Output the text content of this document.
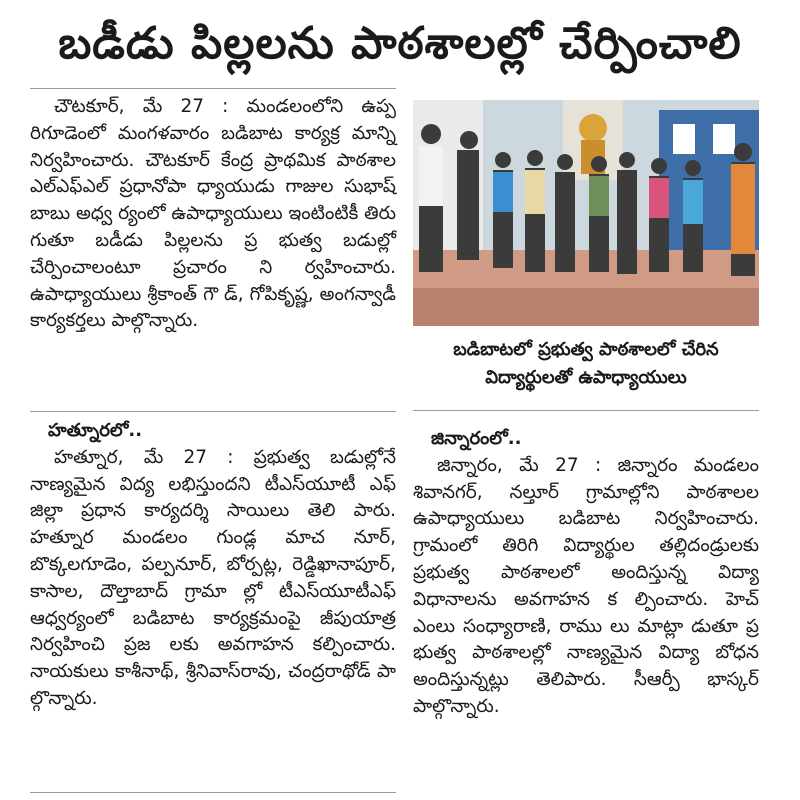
బడీడు పిల్లలను పాఠశాలల్లో చేర్పించాలి

చౌటకూర్, మే 27 : మండలంలోని ఉప్ప రిగూడెంలో మంగళవారం బడిబాట కార్యక్ర మాన్ని నిర్వహించారు. చౌటకూర్ కేంద్ర ప్రాథమిక పాఠశాల ఎల్ఎఫ్ఎల్ ప్రధానోపా ధ్యాయుడు గాజుల సుభాష్ బాబు అధ్వ ర్యంలో ఉపాధ్యాయులు ఇంటింటికీ తిరు గుతూ బడీడు పిల్లలను ప్ర భుత్వ బడుల్లో చేర్పించాలంటూ ప్రచారం ని ర్వహించారు. ఉపాధ్యాయులు శ్రీకాంత్ గౌ డ్, గోపికృష్ణ, అంగన్వాడీ కార్యకర్తలు పాల్గొన్నారు.

హత్నూరలో..

హత్నూర, మే 27 : ప్రభుత్వ బడుల్లోనే నాణ్యమైన విద్య లభిస్తుందని టీఎస్‌యూటీ ఎఫ్ జిల్లా ప్రధాన కార్యదర్శి సాయిలు తెలి పారు. హత్నూర మండలం గుండ్ల మాచ నూర్, బొక్కలగూడెం, పల్పనూర్, బోర్పట్ల, రెడ్డిఖానాపూర్, కాసాల, దౌల్తాబాద్ గ్రామా ల్లో టీఎస్‌యూటీఎఫ్ ఆధ్వర్యంలో బడిబాట కార్యక్రమంపై జీపుయాత్ర నిర్వహించి ప్రజ లకు అవగాహన కల్పించారు. నాయకులు కాశీనాథ్, శ్రీనివాస్‌రావు, చంద్రరాథోడ్ పా ల్గొన్నారు.

బడిబాటలో ప్రభుత్వ పాఠశాలలో చేరిన విద్యార్థులతో ఉపాధ్యాయులు
జిన్నారంలో..

జిన్నారం, మే 27 : జిన్నారం మండలం శివానగర్, నల్తూర్ గ్రామాల్లోని పాఠశాలల ఉపాధ్యాయులు బడిబాట నిర్వహించారు. గ్రామంలో తిరిగి విద్యార్థుల తల్లిదండ్రులకు ప్రభుత్వ పాఠశాలలో అందిస్తున్న విద్యా విధానాలను అవగాహన క ల్పించారు. హెచ్ ఎంలు సంధ్యారాణి, రాము లు మాట్లా డుతూ ప్ర భుత్వ పాఠశాలల్లో నాణ్యమైన విద్యా బోధన అందిస్తున్నట్లు తెలిపారు. సీఆర్పీ భాస్కర్ పాల్గొన్నారు.
